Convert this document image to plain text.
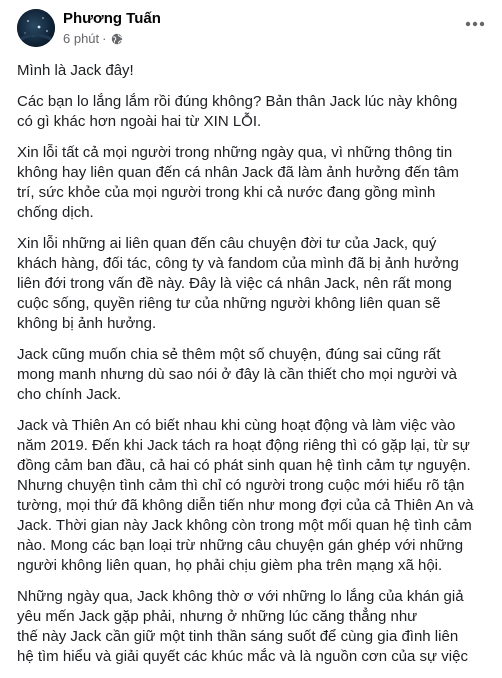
Phương Tuấn
6 phút ·

Mình là Jack đây!

Các bạn lo lắng lắm rồi đúng không? Bản thân Jack lúc này không
có gì khác hơn ngoài hai từ XIN LỖI.

Xin lỗi tất cả mọi người trong những ngày qua, vì những thông tin
không hay liên quan đến cá nhân Jack đã làm ảnh hưởng đến tâm
trí, sức khỏe của mọi người trong khi cả nước đang gồng mình
chống dịch.

Xin lỗi những ai liên quan đến câu chuyện đời tư của Jack, quý
khách hàng, đối tác, công ty và fandom của mình đã bị ảnh hưởng
liên đới trong vấn đề này. Đây là việc cá nhân Jack, nên rất mong
cuộc sống, quyền riêng tư của những người không liên quan sẽ
không bị ảnh hưởng.

Jack cũng muốn chia sẻ thêm một số chuyện, đúng sai cũng rất
mong manh nhưng dù sao nói ở đây là cần thiết cho mọi người và
cho chính Jack.

Jack và Thiên An có biết nhau khi cùng hoạt động và làm việc vào
năm 2019. Đến khi Jack tách ra hoạt động riêng thì có gặp lại, từ sự
đồng cảm ban đầu, cả hai có phát sinh quan hệ tình cảm tự nguyện.
Nhưng chuyện tình cảm thì chỉ có người trong cuộc mới hiểu rõ tận
tường, mọi thứ đã không diễn tiến như mong đợi của cả Thiên An và
Jack. Thời gian này Jack không còn trong một mối quan hệ tình cảm
nào. Mong các bạn loại trừ những câu chuyện gán ghép với những
người không liên quan, họ phải chịu gièm pha trên mạng xã hội.

Những ngày qua, Jack không thờ ơ với những lo lắng của khán giả
yêu mến Jack gặp phải, nhưng ở những lúc căng thẳng như
thế này Jack cần giữ một tinh thần sáng suốt để cùng gia đình liên
hệ tìm hiểu và giải quyết các khúc mắc và là nguồn cơn của sự việc
